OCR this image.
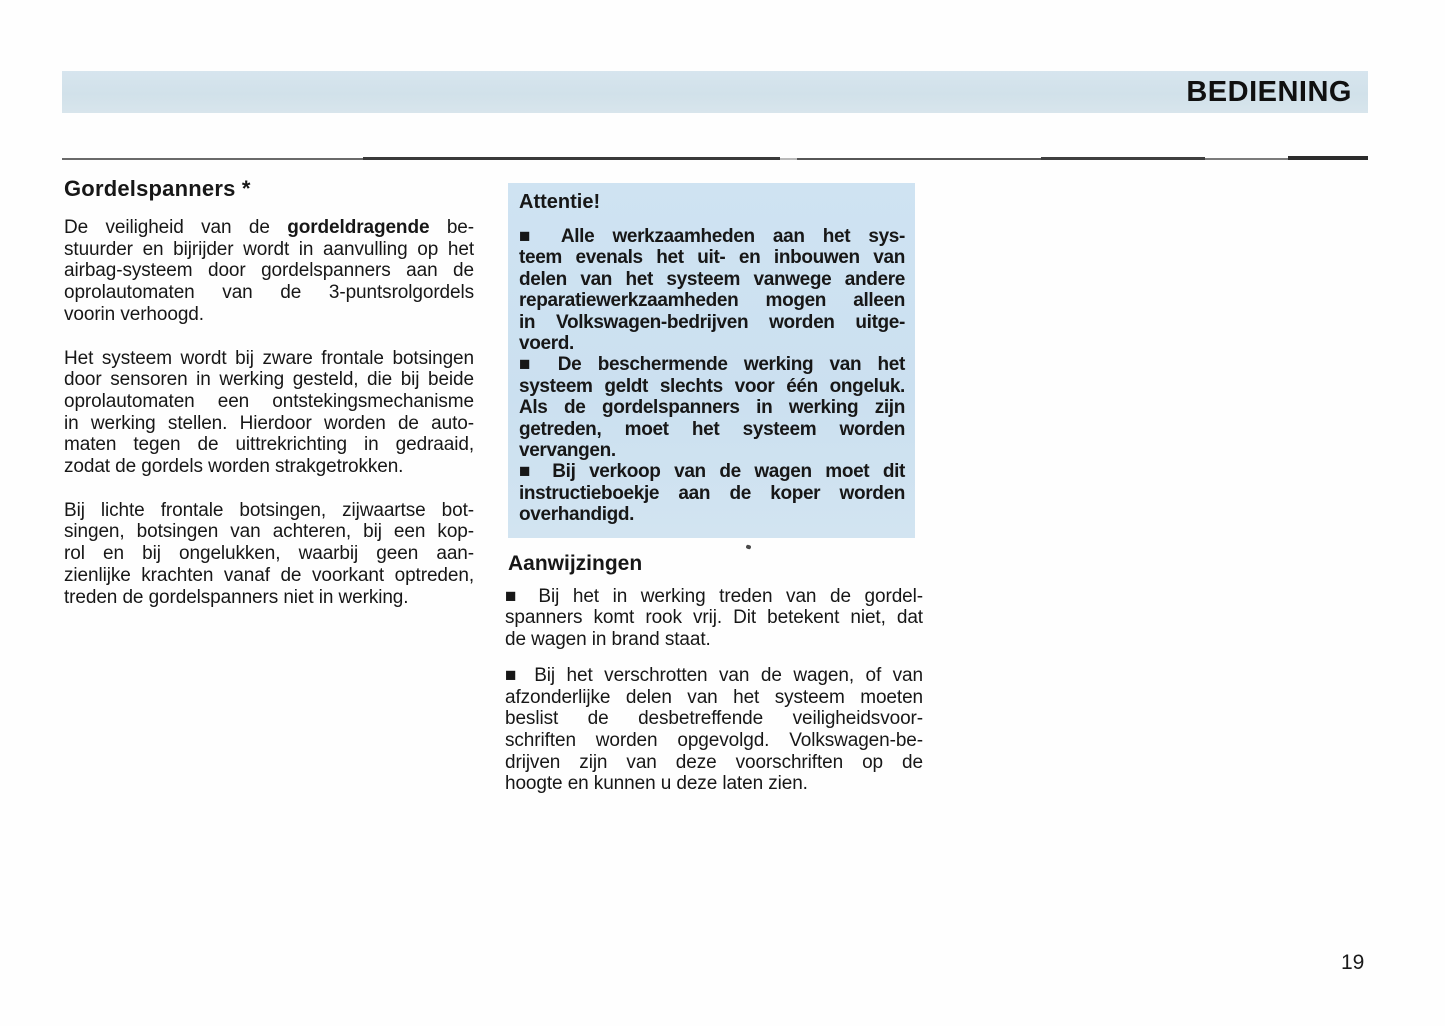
BEDIENING
Gordelspanners *
De veiligheid van de gordeldragende be-
stuurder en bijrijder wordt in aanvulling op het
airbag-systeem door gordelspanners aan de
oprolautomaten van de 3-puntsrolgordels
voorin verhoogd.
Het systeem wordt bij zware frontale botsingen
door sensoren in werking gesteld, die bij beide
oprolautomaten een ontstekingsmechanisme
in werking stellen. Hierdoor worden de auto-
maten tegen de uittrekrichting in gedraaid,
zodat de gordels worden strakgetrokken.
Bij lichte frontale botsingen, zijwaartse bot-
singen, botsingen van achteren, bij een kop-
rol en bij ongelukken, waarbij geen aan-
zienlijke krachten vanaf de voorkant optreden,
treden de gordelspanners niet in werking.
Attentie!
■ Alle werkzaamheden aan het sys-
teem evenals het uit- en inbouwen van
delen van het systeem vanwege andere
reparatiewerkzaamheden mogen alleen
in Volkswagen-bedrijven worden uitge-
voerd.
■ De beschermende werking van het
systeem geldt slechts voor één ongeluk.
Als de gordelspanners in werking zijn
getreden, moet het systeem worden
vervangen.
■ Bij verkoop van de wagen moet dit
instructieboekje aan de koper worden
overhandigd.
Aanwijzingen
■ Bij het in werking treden van de gordel-
spanners komt rook vrij. Dit betekent niet, dat
de wagen in brand staat.
■ Bij het verschrotten van de wagen, of van
afzonderlijke delen van het systeem moeten
beslist de desbetreffende veiligheidsvoor-
schriften worden opgevolgd. Volkswagen-be-
drijven zijn van deze voorschriften op de
hoogte en kunnen u deze laten zien.
19
